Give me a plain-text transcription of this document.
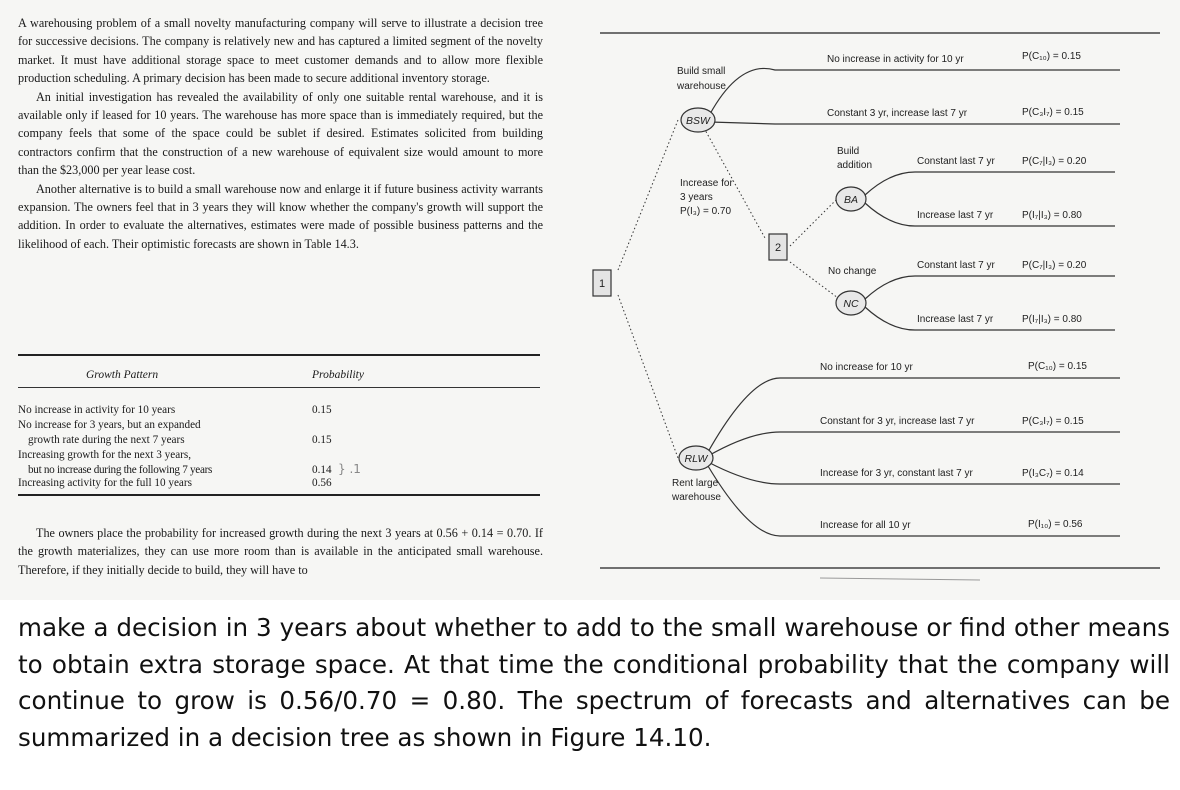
A warehousing problem of a small novelty manufacturing company will serve to illustrate a decision tree for successive decisions. The company is relatively new and has captured a limited segment of the novelty market. It must have additional storage space to meet customer demands and to allow more flexible production scheduling. A primary decision has been made to secure additional inventory storage.

An initial investigation has revealed the availability of only one suitable rental warehouse, and it is available only if leased for 10 years. The warehouse has more space than is immediately required, but the company feels that some of the space could be sublet if desired. Estimates solicited from building contractors confirm that the construction of a new warehouse of equivalent size would amount to more than the $23,000 per year lease cost.

Another alternative is to build a small warehouse now and enlarge it if future business activity warrants expansion. The owners feel that in 3 years they will know whether the company's growth will support the addition. In order to evaluate the alternatives, estimates were made of possible business patterns and the likelihood of each. Their optimistic forecasts are shown in Table 14.3.

Growth Pattern	Probability
No increase in activity for 10 years	0.15
No increase for 3 years, but an expanded
growth rate during the next 7 years	0.15
Increasing growth for the next 3 years,
but no increase during the following 7 years	0.14
Increasing activity for the full 10 years	0.56
} .1

The owners place the probability for increased growth during the next 3 years at 0.56 + 0.14 = 0.70. If the growth materializes, they can use more room than is available in the anticipated small warehouse. Therefore, if they initially decide to build, they will have to

1
2
BSW
RLW
BA
NC
Build small
warehouse
Rent large
warehouse
Increase for
3 years
P(I₃) = 0.70
Build
addition
No change
No increase in activity for 10 yr	P(C₁₀) = 0.15
Constant 3 yr, increase last 7 yr	P(C₃I₇) = 0.15
Constant last 7 yr	P(C₇|I₃) = 0.20
Increase last 7 yr	P(I₇|I₃) = 0.80
Constant last 7 yr	P(C₇|I₃) = 0.20
Increase last 7 yr	P(I₇|I₃) = 0.80
No increase for 10 yr	P(C₁₀) = 0.15
Constant for 3 yr, increase last 7 yr	P(C₃I₇) = 0.15
Increase for 3 yr, constant last 7 yr	P(I₃C₇) = 0.14
Increase for all 10 yr	P(I₁₀) = 0.56

make a decision in 3 years about whether to add to the small warehouse or find other means to obtain extra storage space. At that time the conditional probability that the company will continue to grow is 0.56/0.70 = 0.80. The spectrum of forecasts and alternatives can be summarized in a decision tree as shown in Figure 14.10.
